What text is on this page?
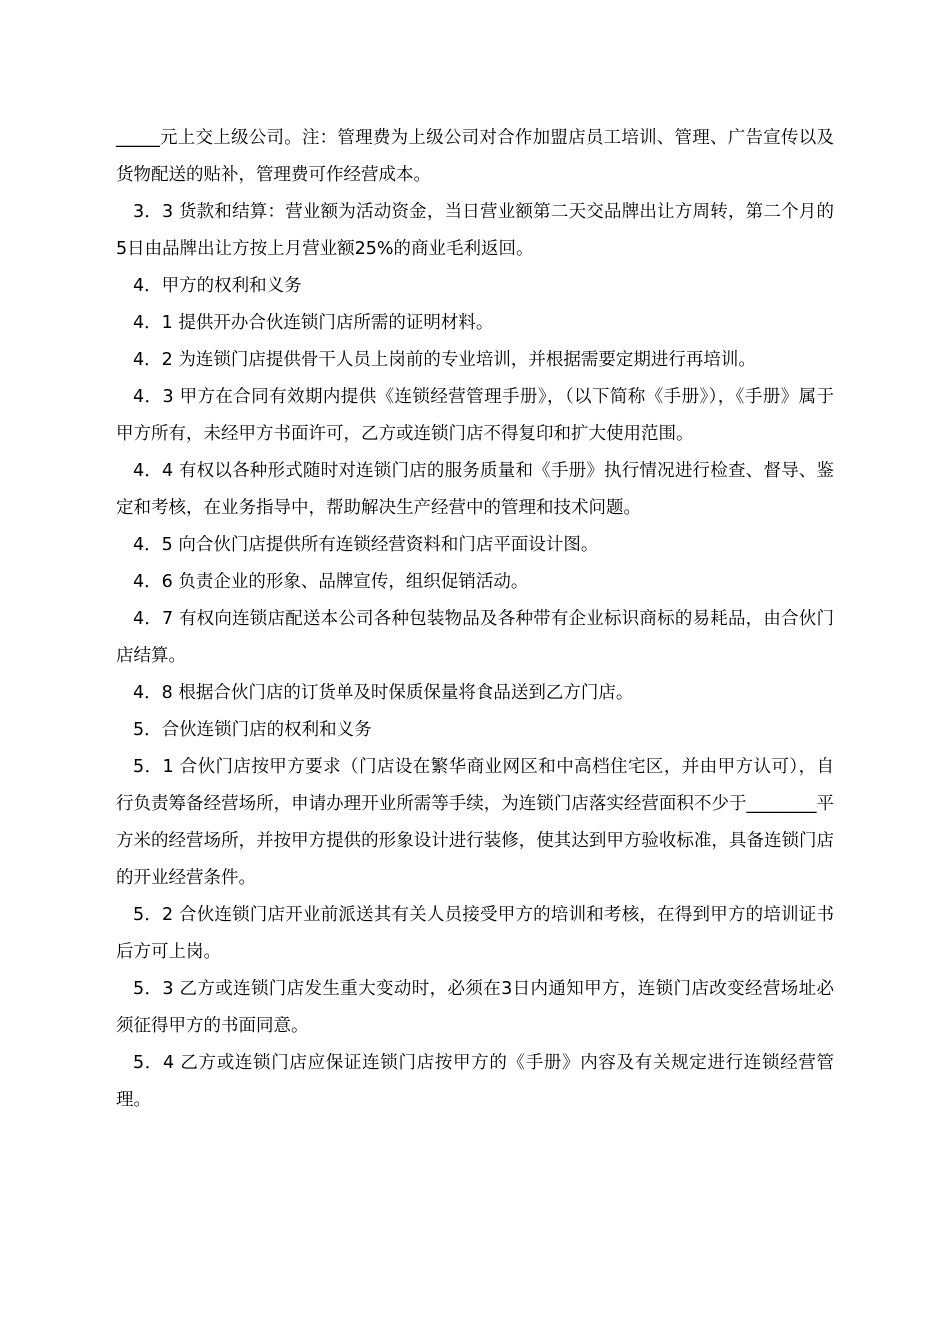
_____元上交上级公司。注：管理费为上级公司对合作加盟店员工培训、管理、广告宣传以及货物配送的贴补，管理费可作经营成本。

3．3 货款和结算：营业额为活动资金，当日营业额第二天交品牌出让方周转，第二个月的5日由品牌出让方按上月营业额25%的商业毛利返回。

4．甲方的权利和义务

4．1 提供开办合伙连锁门店所需的证明材料。

4．2 为连锁门店提供骨干人员上岗前的专业培训，并根据需要定期进行再培训。

4．3 甲方在合同有效期内提供《连锁经营管理手册》，（以下简称《手册》），《手册》属于甲方所有，未经甲方书面许可，乙方或连锁门店不得复印和扩大使用范围。

4．4 有权以各种形式随时对连锁门店的服务质量和《手册》执行情况进行检查、督导、鉴定和考核，在业务指导中，帮助解决生产经营中的管理和技术问题。

4．5 向合伙门店提供所有连锁经营资料和门店平面设计图。

4．6 负责企业的形象、品牌宣传，组织促销活动。

4．7 有权向连锁店配送本公司各种包装物品及各种带有企业标识商标的易耗品，由合伙门店结算。

4．8 根据合伙门店的订货单及时保质保量将食品送到乙方门店。

5．合伙连锁门店的权利和义务

5．1 合伙门店按甲方要求（门店设在繁华商业网区和中高档住宅区，并由甲方认可），自行负责筹备经营场所，申请办理开业所需等手续，为连锁门店落实经营面积不少于________平方米的经营场所，并按甲方提供的形象设计进行装修，使其达到甲方验收标准，具备连锁门店的开业经营条件。

5．2 合伙连锁门店开业前派送其有关人员接受甲方的培训和考核，在得到甲方的培训证书后方可上岗。

5．3 乙方或连锁门店发生重大变动时，必须在3日内通知甲方，连锁门店改变经营场址必须征得甲方的书面同意。

5．4 乙方或连锁门店应保证连锁门店按甲方的《手册》内容及有关规定进行连锁经营管理。
